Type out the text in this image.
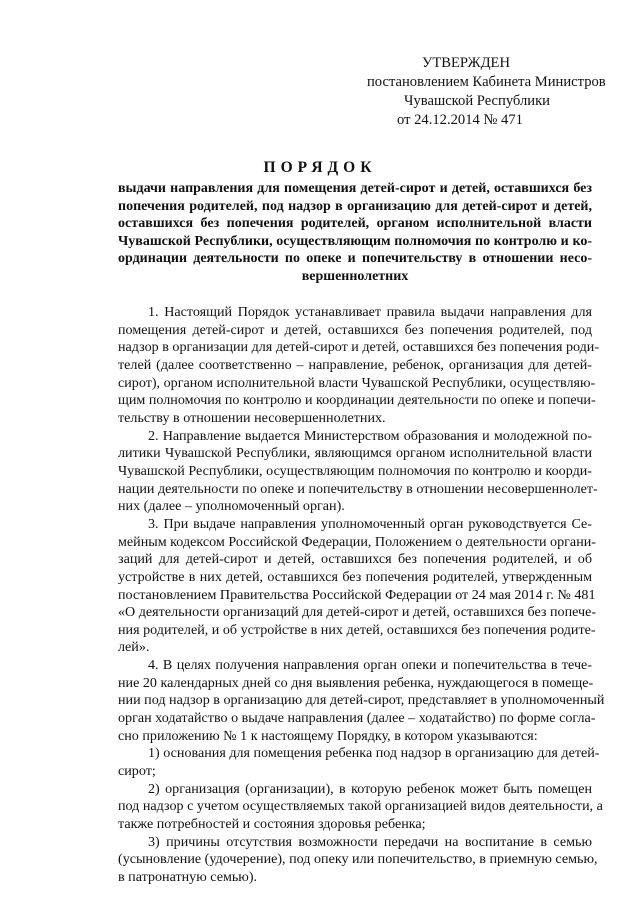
УТВЕРЖДЕН
постановлением Кабинета Министров
Чувашской Республики
от 24.12.2014 № 471
ПОРЯДОК
выдачи направления для помещения детей-сирот и детей, оставшихся без
попечения родителей, под надзор в организацию для детей-сирот и детей,
оставшихся без попечения родителей, органом исполнительной власти
Чувашской Республики, осуществляющим полномочия по контролю и ко-
ординации деятельности по опеке и попечительству в отношении несо-
вершеннолетних
1. Настоящий Порядок устанавливает правила выдачи направления для
помещения детей-сирот и детей, оставшихся без попечения родителей, под
надзор в организации для детей-сирот и детей, оставшихся без попечения роди-
телей (далее соответственно – направление, ребенок, организация для детей-
сирот), органом исполнительной власти Чувашской Республики, осуществляю-
щим полномочия по контролю и координации деятельности по опеке и попечи-
тельству в отношении несовершеннолетних.
2. Направление выдается Министерством образования и молодежной по-
литики Чувашской Республики, являющимся органом исполнительной власти
Чувашской Республики, осуществляющим полномочия по контролю и коорди-
нации деятельности по опеке и попечительству в отношении несовершеннолет-
них (далее – уполномоченный орган).
3. При выдаче направления уполномоченный орган руководствуется Се-
мейным кодексом Российской Федерации, Положением о деятельности органи-
заций для детей-сирот и детей, оставшихся без попечения родителей, и об
устройстве в них детей, оставшихся без попечения родителей, утвержденным
постановлением Правительства Российской Федерации от 24 мая 2014 г. № 481
«О деятельности организаций для детей-сирот и детей, оставшихся без попече-
ния родителей, и об устройстве в них детей, оставшихся без попечения родите-
лей».
4. В целях получения направления орган опеки и попечительства в тече-
ние 20 календарных дней со дня выявления ребенка, нуждающегося в помеще-
нии под надзор в организацию для детей-сирот, представляет в уполномоченный
орган ходатайство о выдаче направления (далее – ходатайство) по форме согла-
сно приложению № 1 к настоящему Порядку, в котором указываются:
1) основания для помещения ребенка под надзор в организацию для детей-
сирот;
2) организация (организации), в которую ребенок может быть помещен
под надзор с учетом осуществляемых такой организацией видов деятельности, а
также потребностей и состояния здоровья ребенка;
3) причины отсутствия возможности передачи на воспитание в семью
(усыновление (удочерение), под опеку или попечительство, в приемную семью,
в патронатную семью).
